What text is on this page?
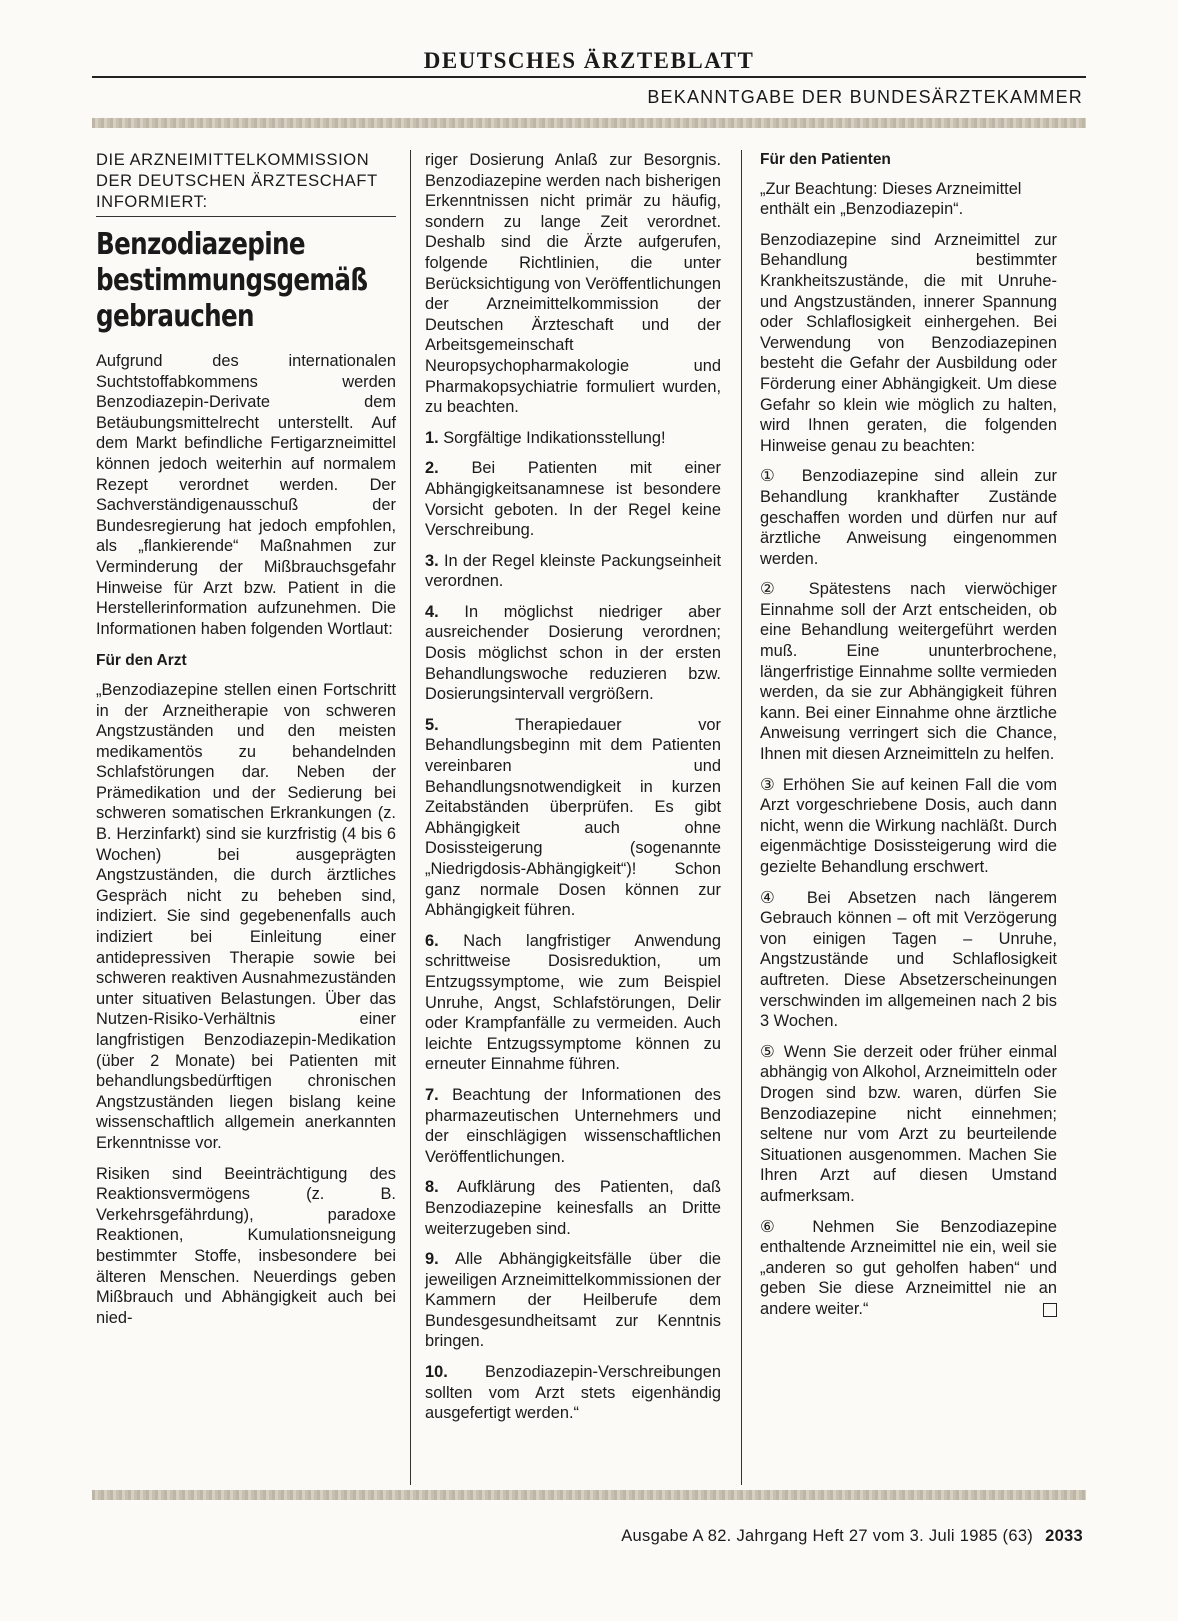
DEUTSCHES ÄRZTEBLATT
BEKANNTGABE DER BUNDESÄRZTEKAMMER

DIE ARZNEIMITTELKOMMISSION DER DEUTSCHEN ÄRZTESCHAFT INFORMIERT:

Benzodiazepine bestimmungsgemäß gebrauchen

Aufgrund des internationalen Suchtstoffabkommens werden Benzodiazepin-Derivate dem Betäubungsmittelrecht unterstellt. Auf dem Markt befindliche Fertigarzneimittel können jedoch weiterhin auf normalem Rezept verordnet werden. Der Sachverständigenausschuß der Bundesregierung hat jedoch empfohlen, als „flankierende“ Maßnahmen zur Verminderung der Mißbrauchsgefahr Hinweise für Arzt bzw. Patient in die Herstellerinformation aufzunehmen. Die Informationen haben folgenden Wortlaut:

Für den Arzt

„Benzodiazepine stellen einen Fortschritt in der Arzneitherapie von schweren Angstzuständen und den meisten medikamentös zu behandelnden Schlafstörungen dar. Neben der Prämedikation und der Sedierung bei schweren somatischen Erkrankungen (z. B. Herzinfarkt) sind sie kurzfristig (4 bis 6 Wochen) bei ausgeprägten Angstzuständen, die durch ärztliches Gespräch nicht zu beheben sind, indiziert. Sie sind gegebenenfalls auch indiziert bei Einleitung einer antidepressiven Therapie sowie bei schweren reaktiven Ausnahmezuständen unter situativen Belastungen. Über das Nutzen-Risiko-Verhältnis einer langfristigen Benzodiazepin-Medikation (über 2 Monate) bei Patienten mit behandlungsbedürftigen chronischen Angstzuständen liegen bislang keine wissenschaftlich allgemein anerkannten Erkenntnisse vor.

Risiken sind Beeinträchtigung des Reaktionsvermögens (z. B. Verkehrsgefährdung), paradoxe Reaktionen, Kumulationsneigung bestimmter Stoffe, insbesondere bei älteren Menschen. Neuerdings geben Mißbrauch und Abhängigkeit auch bei nied-

riger Dosierung Anlaß zur Besorgnis. Benzodiazepine werden nach bisherigen Erkenntnissen nicht primär zu häufig, sondern zu lange Zeit verordnet. Deshalb sind die Ärzte aufgerufen, folgende Richtlinien, die unter Berücksichtigung von Veröffentlichungen der Arzneimittelkommission der Deutschen Ärzteschaft und der Arbeitsgemeinschaft Neuropsychopharmakologie und Pharmakopsychiatrie formuliert wurden, zu beachten.

1. Sorgfältige Indikationsstellung!

2. Bei Patienten mit einer Abhängigkeitsanamnese ist besondere Vorsicht geboten. In der Regel keine Verschreibung.

3. In der Regel kleinste Packungseinheit verordnen.

4. In möglichst niedriger aber ausreichender Dosierung verordnen; Dosis möglichst schon in der ersten Behandlungswoche reduzieren bzw. Dosierungsintervall vergrößern.

5.	Therapiedauer vor Behandlungsbeginn mit dem Patienten vereinbaren und Behandlungsnotwendigkeit in kurzen Zeitabständen überprüfen. Es gibt Abhängigkeit auch ohne Dosissteigerung (sogenannte „Niedrigdosis-Abhängigkeit“)! Schon ganz normale Dosen können zur Abhängigkeit führen.

6. Nach langfristiger Anwendung schrittweise Dosisreduktion, um Entzugssymptome, wie zum Beispiel Unruhe, Angst, Schlafstörungen, Delir oder Krampfanfälle zu vermeiden. Auch leichte Entzugssymptome können zu erneuter Einnahme führen.

7. Beachtung der Informationen des pharmazeutischen Unternehmers und der einschlägigen wissenschaftlichen Veröffentlichungen.

8. Aufklärung des Patienten, daß Benzodiazepine keinesfalls an Dritte weiterzugeben sind.

9. Alle Abhängigkeitsfälle über die jeweiligen Arzneimittelkommissionen der Kammern der Heilberufe dem Bundesgesundheitsamt zur Kenntnis bringen.

10. Benzodiazepin-Verschreibungen sollten vom Arzt stets eigenhändig ausgefertigt werden.“

Für den Patienten

„Zur Beachtung: Dieses Arzneimittel enthält ein „Benzodiazepin“.

Benzodiazepine sind Arzneimittel zur Behandlung bestimmter Krankheitszustände, die mit Unruhe- und Angstzuständen, innerer Spannung oder Schlaflosigkeit einhergehen. Bei Verwendung von Benzodiazepinen besteht die Gefahr der Ausbildung oder Förderung einer Abhängigkeit. Um diese Gefahr so klein wie möglich zu halten, wird Ihnen geraten, die folgenden Hinweise genau zu beachten:

① Benzodiazepine sind allein zur Behandlung krankhafter Zustände geschaffen worden und dürfen nur auf ärztliche Anweisung eingenommen werden.

② Spätestens nach vierwöchiger Einnahme soll der Arzt entscheiden, ob eine Behandlung weitergeführt werden muß. Eine ununterbrochene, längerfristige Einnahme sollte vermieden werden, da sie zur Abhängigkeit führen kann. Bei einer Einnahme ohne ärztliche Anweisung verringert sich die Chance, Ihnen mit diesen Arzneimitteln zu helfen.

③ Erhöhen Sie auf keinen Fall die vom Arzt vorgeschriebene Dosis, auch dann nicht, wenn die Wirkung nachläßt. Durch eigenmächtige Dosissteigerung wird die gezielte Behandlung erschwert.

④ Bei Absetzen nach längerem Gebrauch können – oft mit Verzögerung von einigen Tagen – Unruhe, Angstzustände und Schlaflosigkeit auftreten. Diese Absetzerscheinungen verschwinden im allgemeinen nach 2 bis 3 Wochen.

⑤ Wenn Sie derzeit oder früher einmal abhängig von Alkohol, Arzneimitteln oder Drogen sind bzw. waren, dürfen Sie Benzodiazepine nicht einnehmen; seltene nur vom Arzt zu beurteilende Situationen ausgenommen. Machen Sie Ihren Arzt auf diesen Umstand aufmerksam.

⑥ Nehmen Sie Benzodiazepine enthaltende Arzneimittel nie ein, weil sie „anderen so gut geholfen haben“ und geben Sie diese Arzneimittel nie an andere weiter.“

Ausgabe A 82. Jahrgang Heft 27 vom 3. Juli 1985 (63) 2033
